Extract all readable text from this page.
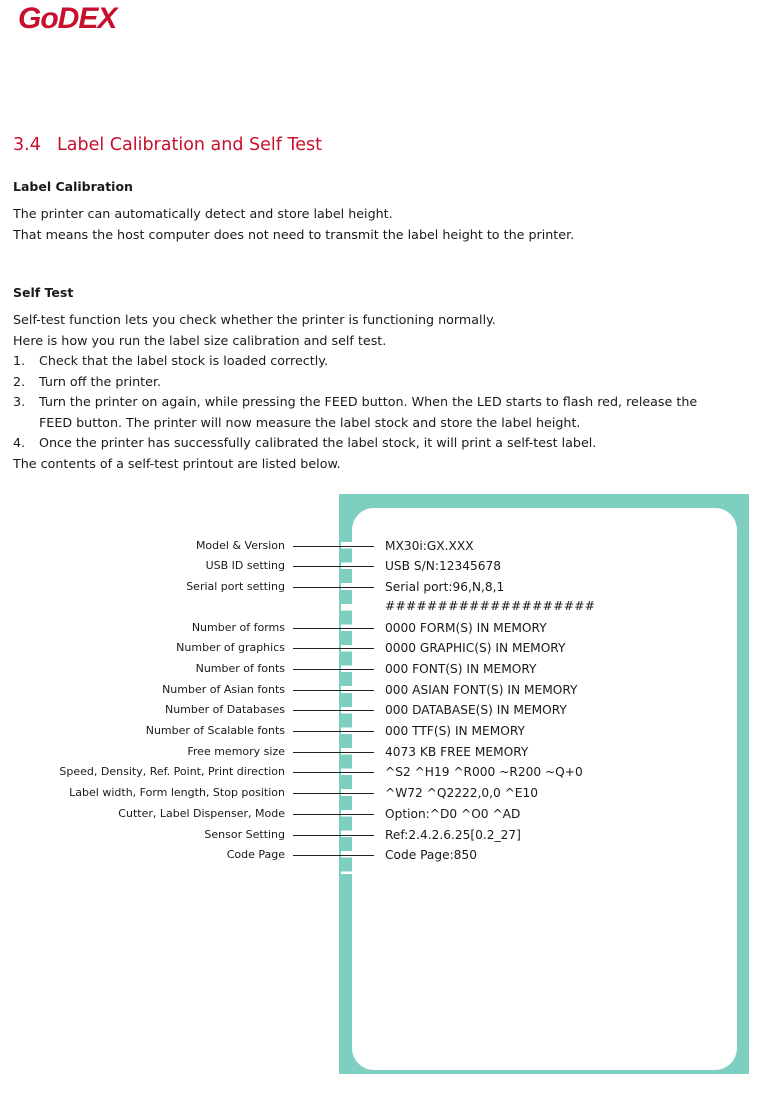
GoDEX
3.4 Label Calibration and Self Test
Label Calibration

The printer can automatically detect and store label height.

That means the host computer does not need to transmit the label height to the printer.

Self Test

Self-test function lets you check whether the printer is functioning normally.

Here is how you run the label size calibration and self test.

1. Check that the label stock is loaded correctly.
2. Turn off the printer.
3. Turn the printer on again, while pressing the FEED button. When the LED starts to flash red, release the FEED button. The printer will now measure the label stock and store the label height.
4. Once the printer has successfully calibrated the label stock, it will print a self-test label.

The contents of a self-test printout are listed below.

Model & Version	MX30i:GX.XXX
USB ID setting	USB S/N:12345678
Serial port setting	Serial port:96,N,8,1
Number of forms	0000 FORM(S) IN MEMORY
Number of graphics	0000 GRAPHIC(S) IN MEMORY
Number of fonts	000 FONT(S) IN MEMORY
Number of Asian fonts	000 ASIAN FONT(S) IN MEMORY
Number of Databases	000 DATABASE(S) IN MEMORY
Number of Scalable fonts	000 TTF(S) IN MEMORY
Free memory size	4073 KB FREE MEMORY
Speed, Density, Ref. Point, Print direction	^S2 ^H19 ^R000 ~R200 ~Q+0
Label width, Form length, Stop position	^W72 ^Q2222,0,0 ^E10
Cutter, Label Dispenser, Mode	Option:^D0 ^O0 ^AD
Sensor Setting	Ref:2.4.2.6.25[0.2_27]
Code Page	Code Page:850
####################
